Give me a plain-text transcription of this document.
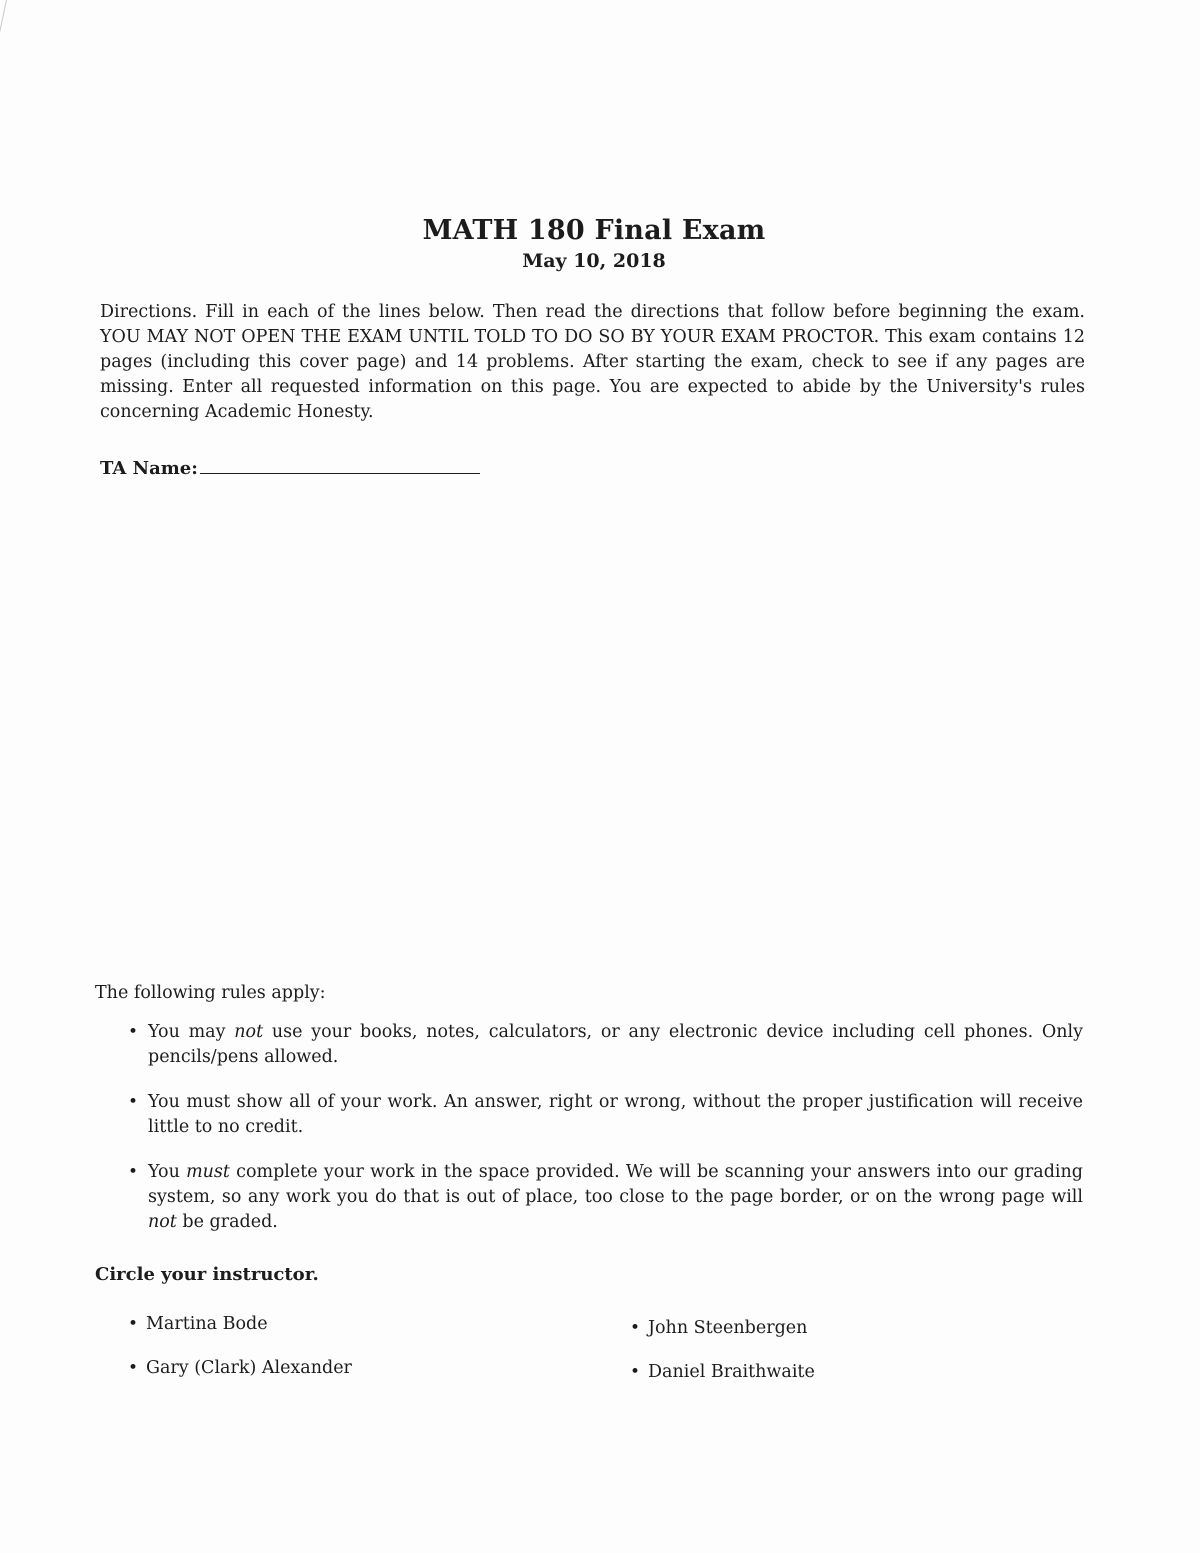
MATH 180 Final Exam
May 10, 2018

Directions. Fill in each of the lines below. Then read the directions that follow before beginning the exam. YOU MAY NOT OPEN THE EXAM UNTIL TOLD TO DO SO BY YOUR EXAM PROCTOR. This exam contains 12 pages (including this cover page) and 14 problems. After starting the exam, check to see if any pages are missing. Enter all requested information on this page. You are expected to abide by the University's rules concerning Academic Honesty.

TA Name:
The following rules apply:
• You may not use your books, notes, calculators, or any electronic device including cell phones. Only pencils/pens allowed.
• You must show all of your work. An answer, right or wrong, without the proper justification will receive little to no credit.
• You must complete your work in the space provided. We will be scanning your answers into our grading system, so any work you do that is out of place, too close to the page border, or on the wrong page will not be graded.
Circle your instructor.
• Martina Bode
• Gary (Clark) Alexander
• John Steenbergen
• Daniel Braithwaite
